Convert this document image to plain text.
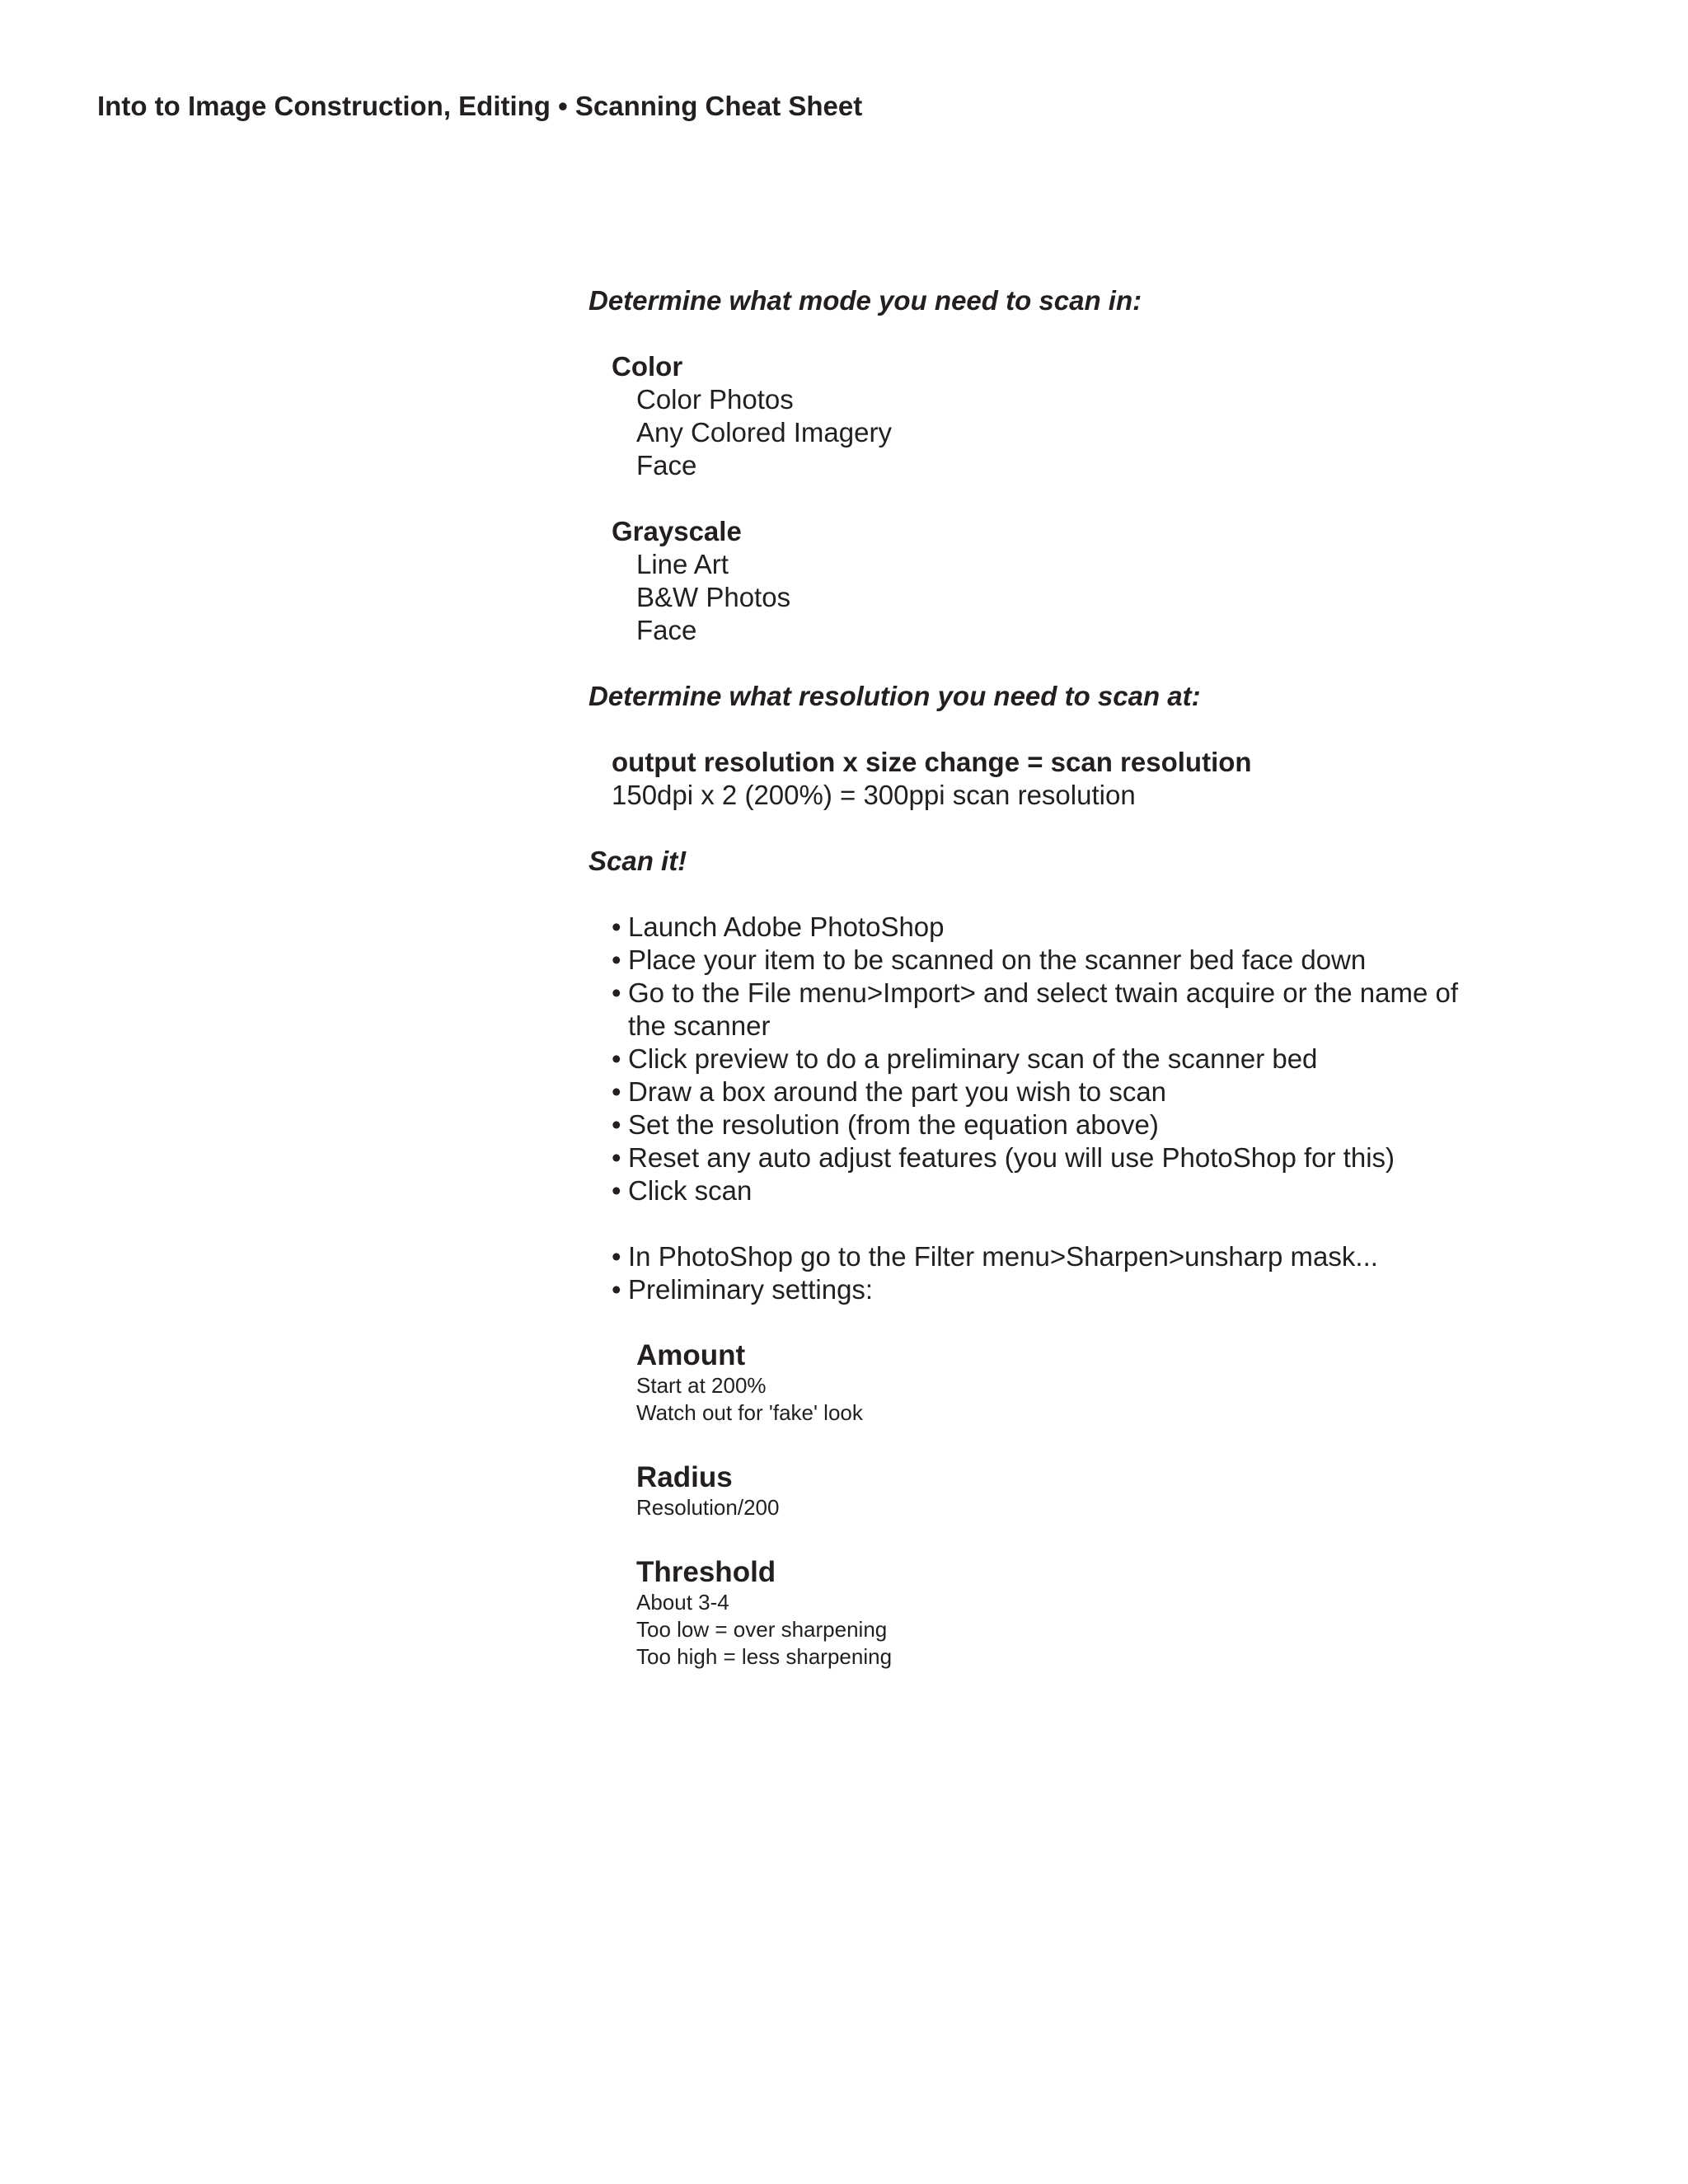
Into to Image Construction, Editing • Scanning Cheat Sheet
Determine what mode you need to scan in:
Color
Color Photos
Any Colored Imagery
Face
Grayscale
Line Art
B&W Photos
Face
Determine what resolution you need to scan at:
output resolution x size change = scan resolution
150dpi x 2 (200%) = 300ppi scan resolution
Scan it!
• Launch Adobe PhotoShop
• Place your item to be scanned on the scanner bed face down
• Go to the File menu>Import> and select twain acquire or the name of the scanner
• Click preview to do a preliminary scan of the scanner bed
• Draw a box around the part you wish to scan
• Set the resolution (from the equation above)
• Reset any auto adjust features (you will use PhotoShop for this)
• Click scan
• In PhotoShop go to the Filter menu>Sharpen>unsharp mask...
• Preliminary settings:
Amount
Start at 200%
Watch out for 'fake' look
Radius
Resolution/200
Threshold
About 3-4
Too low = over sharpening
Too high = less sharpening
